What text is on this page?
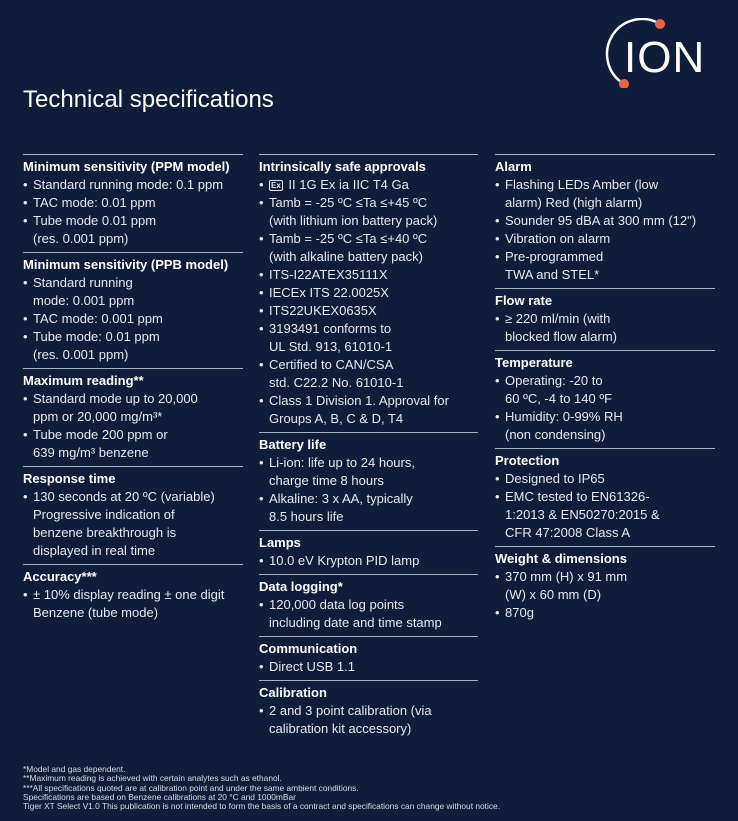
ION
Technical specifications
Minimum sensitivity (PPM model)
• Standard running mode: 0.1 ppm
• TAC mode: 0.01 ppm
• Tube mode 0.01 ppm
(res. 0.001 ppm)
Minimum sensitivity (PPB model)
• Standard running
mode: 0.001 ppm
• TAC mode: 0.001 ppm
• Tube mode: 0.01 ppm
(res. 0.001 ppm)
Maximum reading**
• Standard mode up to 20,000
ppm or 20,000 mg/m³*
• Tube mode 200 ppm or
639 mg/m³ benzene
Response time
• 130 seconds at 20 ºC (variable)
Progressive indication of
benzene breakthrough is
displayed in real time
Accuracy***
• ± 10% display reading ± one digit
Benzene (tube mode)
Intrinsically safe approvals
• Ex II 1G Ex ia IIC T4 Ga
• Tamb = -25 ºC ≤Ta ≤+45 ºC
(with lithium ion battery pack)
• Tamb = -25 ºC ≤Ta ≤+40 ºC
(with alkaline battery pack)
• ITS-I22ATEX35111X
• IECEx ITS 22.0025X
• ITS22UKEX0635X
• 3193491 conforms to
UL Std. 913, 61010-1
• Certified to CAN/CSA
std. C22.2 No. 61010-1
• Class 1 Division 1. Approval for
Groups A, B, C & D, T4
Battery life
• Li-ion: life up to 24 hours,
charge time 8 hours
• Alkaline: 3 x AA, typically
8.5 hours life
Lamps
• 10.0 eV Krypton PID lamp
Data logging*
• 120,000 data log points
including date and time stamp
Communication
• Direct USB 1.1
Calibration
• 2 and 3 point calibration (via
calibration kit accessory)
Alarm
• Flashing LEDs Amber (low
alarm) Red (high alarm)
• Sounder 95 dBA at 300 mm (12")
• Vibration on alarm
• Pre-programmed
TWA and STEL*
Flow rate
• ≥ 220 ml/min (with
blocked flow alarm)
Temperature
• Operating: -20 to
60 ºC, -4 to 140 ºF
• Humidity: 0-99% RH
(non condensing)
Protection
• Designed to IP65
• EMC tested to EN61326-
1:2013 & EN50270:2015 &
CFR 47:2008 Class A
Weight & dimensions
• 370 mm (H) x 91 mm
(W) x 60 mm (D)
• 870g
*Model and gas dependent.
**Maximum reading is achieved with certain analytes such as ethanol.
***All specifications quoted are at calibration point and under the same ambient conditions.
Specifications are based on Benzene calibrations at 20 °C and 1000mBar
Tiger XT Select V1.0 This publication is not intended to form the basis of a contract and specifications can change without notice.
